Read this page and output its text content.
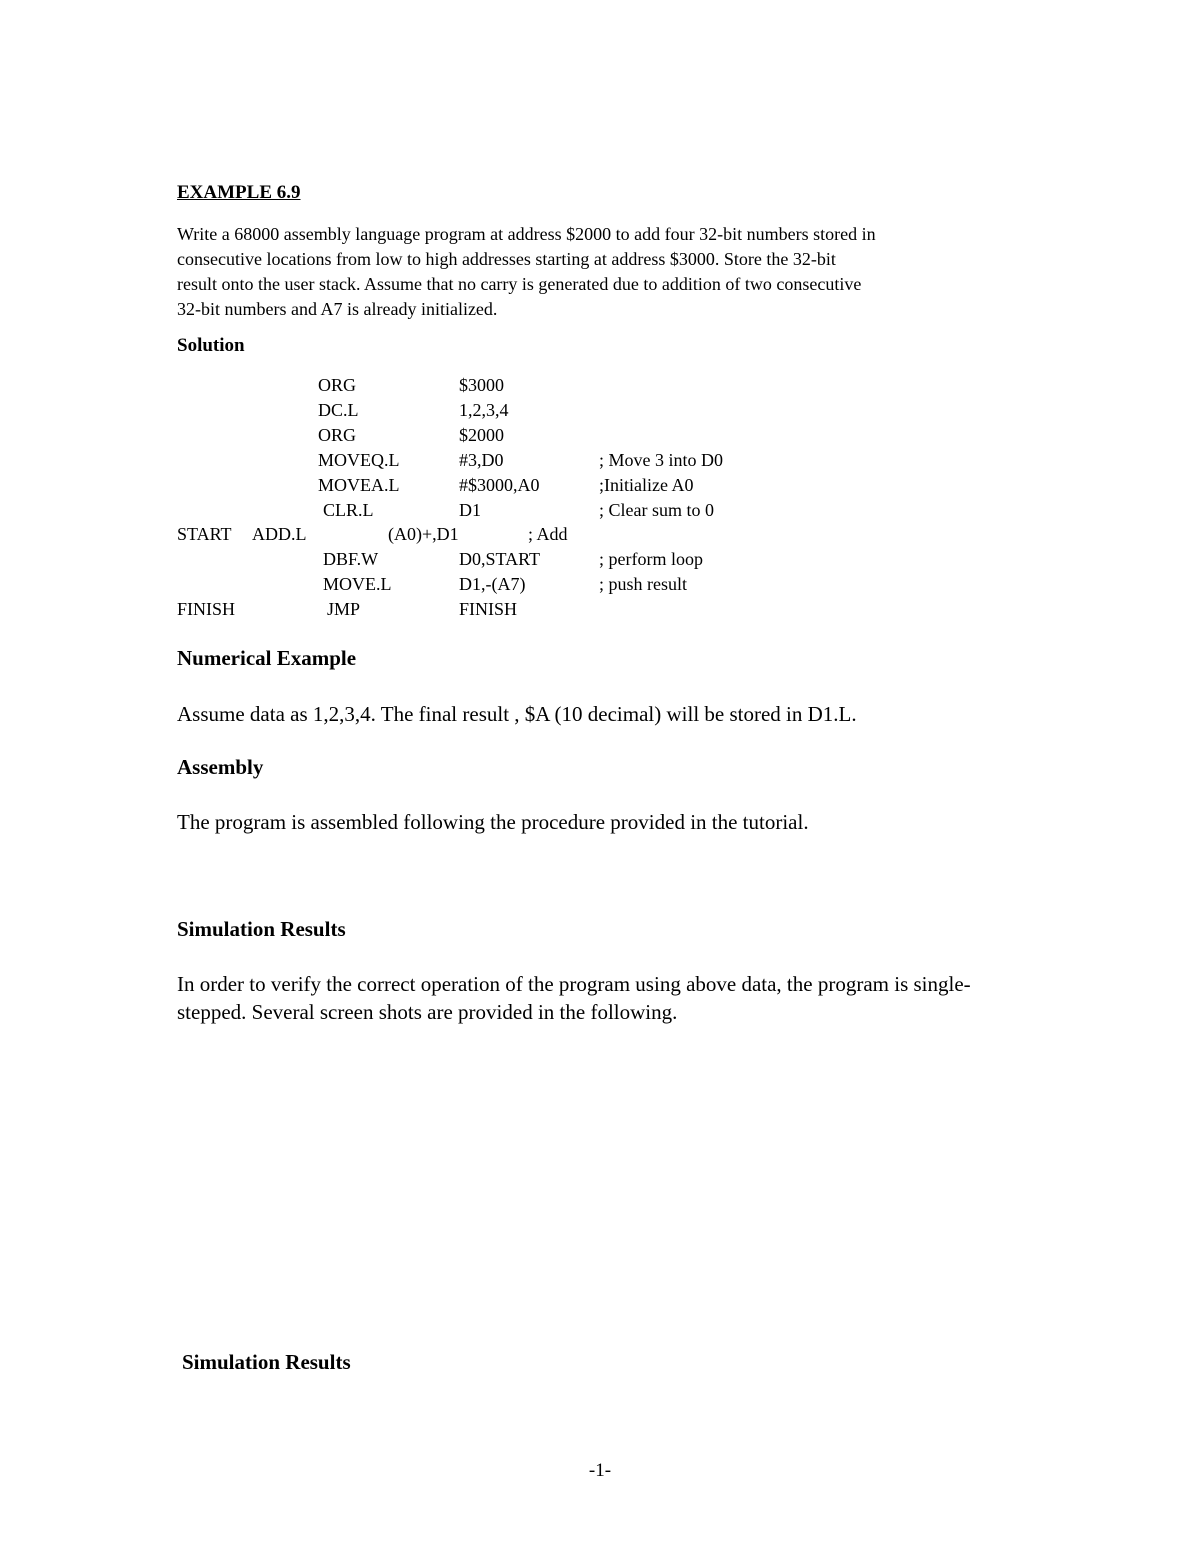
EXAMPLE 6.9

Write a 68000 assembly language program at address $2000 to add four 32-bit numbers stored in

consecutive locations from low to high addresses starting at address $3000. Store the 32-bit

result onto the user stack. Assume that no carry is generated due to addition of two consecutive

32-bit numbers and A7 is already initialized.

Solution
ORG	$3000
DC.L	1,2,3,4
ORG	$2000
MOVEQ.L	#3,D0	; Move 3 into D0
MOVEA.L	#$3000,A0	;Initialize A0
CLR.L	D1	; Clear sum to 0
START ADD.L	(A0)+,D1	; Add
DBF.W	D0,START	; perform loop
MOVE.L	D1,-(A7)	; push result
FINISH	JMP	FINISH
Numerical Example
Assume data as 1,2,3,4. The final result , $A (10 decimal) will be stored in D1.L.
Assembly
The program is assembled following the procedure provided in the tutorial.
Simulation Results
In order to verify the correct operation of the program using above data, the program is single-stepped. Several screen shots are provided in the following.
Simulation Results
-1-
